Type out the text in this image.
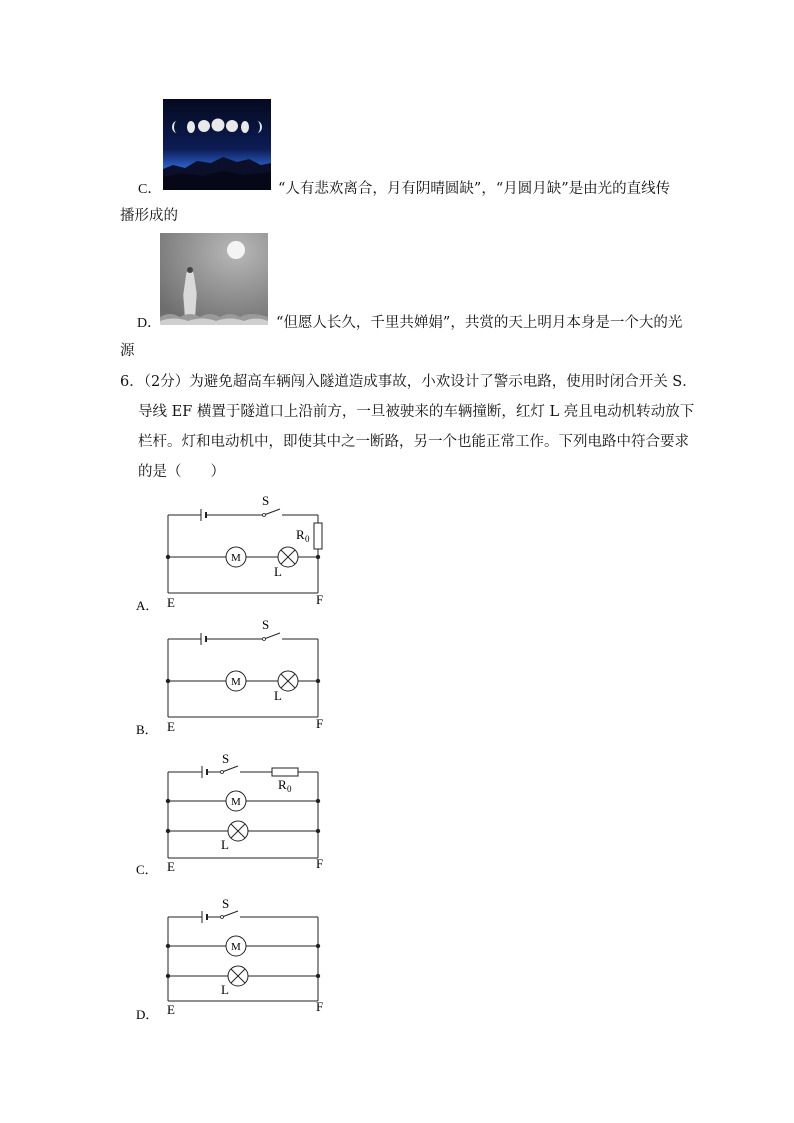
C．	“人有悲欢离合，月有阴晴圆缺”，“月圆月缺”是由光的直线传
播形成的
D．	“但愿人长久，千里共婵娟”，共赏的天上明月本身是一个大的光
源
6．（2分）为避免超高车辆闯入隧道造成事故，小欢设计了警示电路，使用时闭合开关 S．
导线 EF 横置于隧道口上沿前方，一旦被驶来的车辆撞断，红灯 L 亮且电动机转动放下
栏杆。灯和电动机中，即使其中之一断路，另一个也能正常工作。下列电路中符合要求
的是（　　）
S
R 0
M
L
E	F
A．
S
M
L
E	F
B．
S
R 0
M
L
E	F
C．
S
M
L
E	F
D．
